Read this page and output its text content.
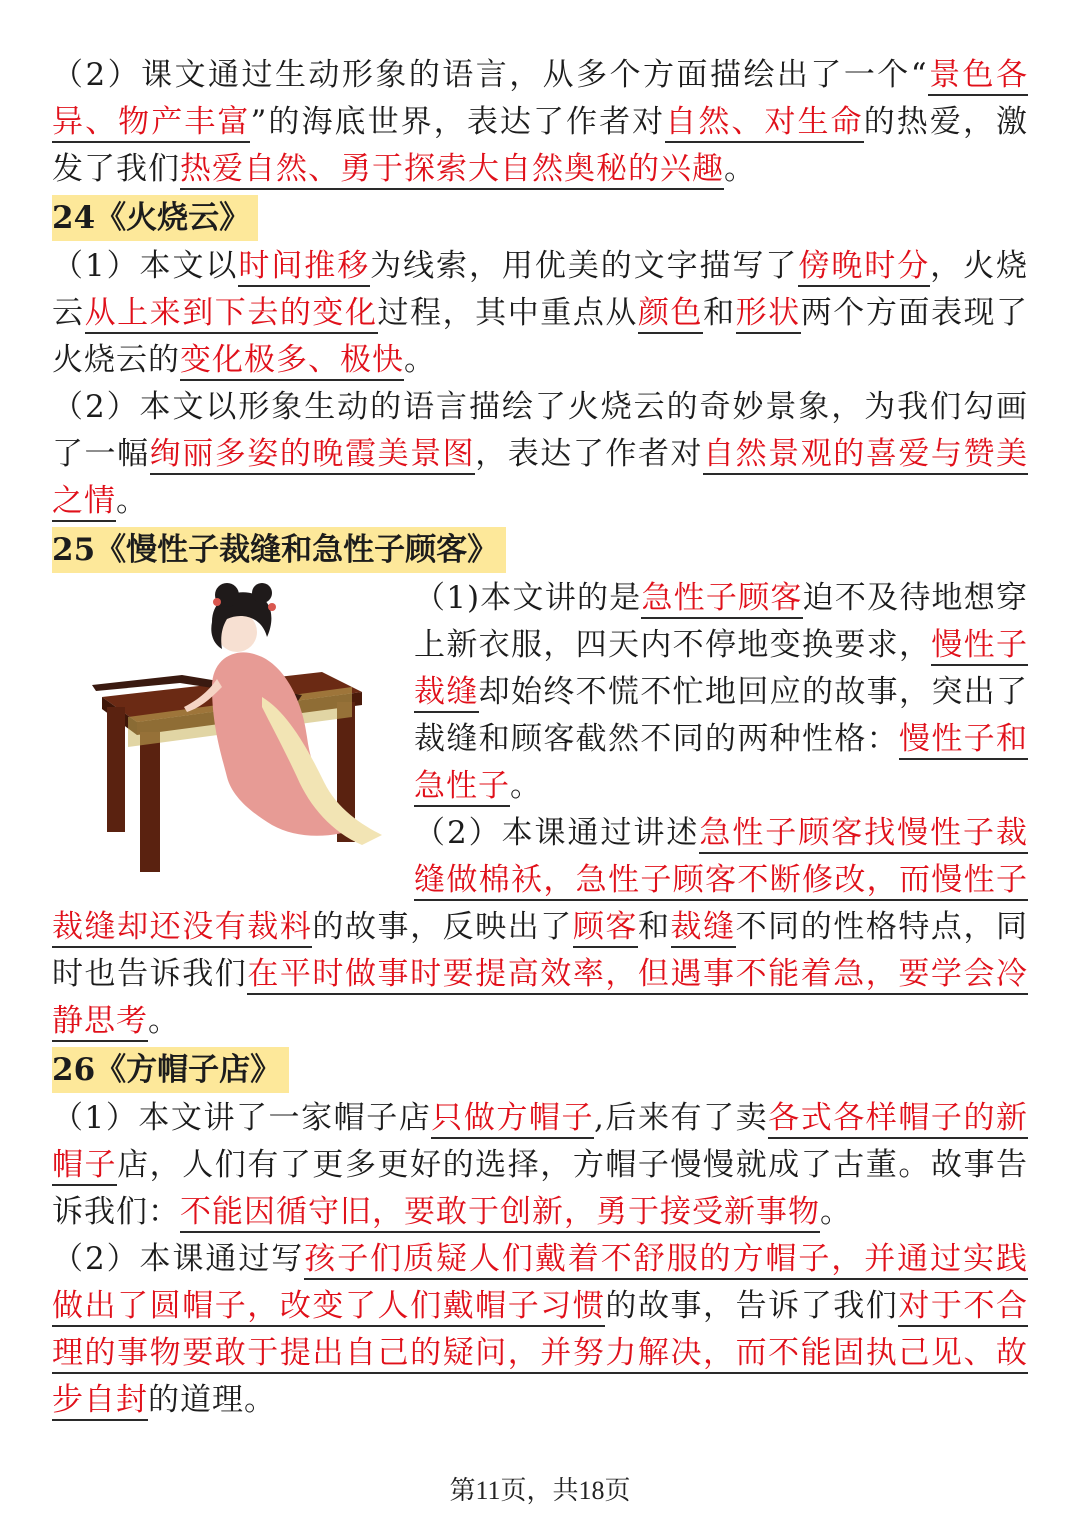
（2）课文通过生动形象的语言，从多个方面描绘出了一个“景色各异、物产丰富”的海底世界，表达了作者对自然、对生命的热爱，激发了我们热爱自然、勇于探索大自然奥秘的兴趣。

24《火烧云》

（1）本文以时间推移为线索，用优美的文字描写了傍晚时分，火烧云从上来到下去的变化过程，其中重点从颜色和形状两个方面表现了火烧云的变化极多、极快。

（2）本文以形象生动的语言描绘了火烧云的奇妙景象，为我们勾画了一幅绚丽多姿的晚霞美景图，表达了作者对自然景观的喜爱与赞美之情。

25《慢性子裁缝和急性子顾客》

（1)本文讲的是急性子顾客迫不及待地想穿上新衣服，四天内不停地变换要求，慢性子裁缝却始终不慌不忙地回应的故事，突出了裁缝和顾客截然不同的两种性格：慢性子和急性子。

（2）本课通过讲述急性子顾客找慢性子裁缝做棉袄，急性子顾客不断修改，而慢性子裁缝却还没有裁料的故事，反映出了顾客和裁缝不同的性格特点，同时也告诉我们在平时做事时要提高效率，但遇事不能着急，要学会冷静思考。

26《方帽子店》

（1）本文讲了一家帽子店只做方帽子,后来有了卖各式各样帽子的新帽子店，人们有了更多更好的选择，方帽子慢慢就成了古董。故事告诉我们：不能因循守旧，要敢于创新，勇于接受新事物。

（2）本课通过写孩子们质疑人们戴着不舒服的方帽子，并通过实践做出了圆帽子，改变了人们戴帽子习惯的故事，告诉了我们对于不合理的事物要敢于提出自己的疑问，并努力解决，而不能固执己见、故步自封的道理。

第11页，共18页
